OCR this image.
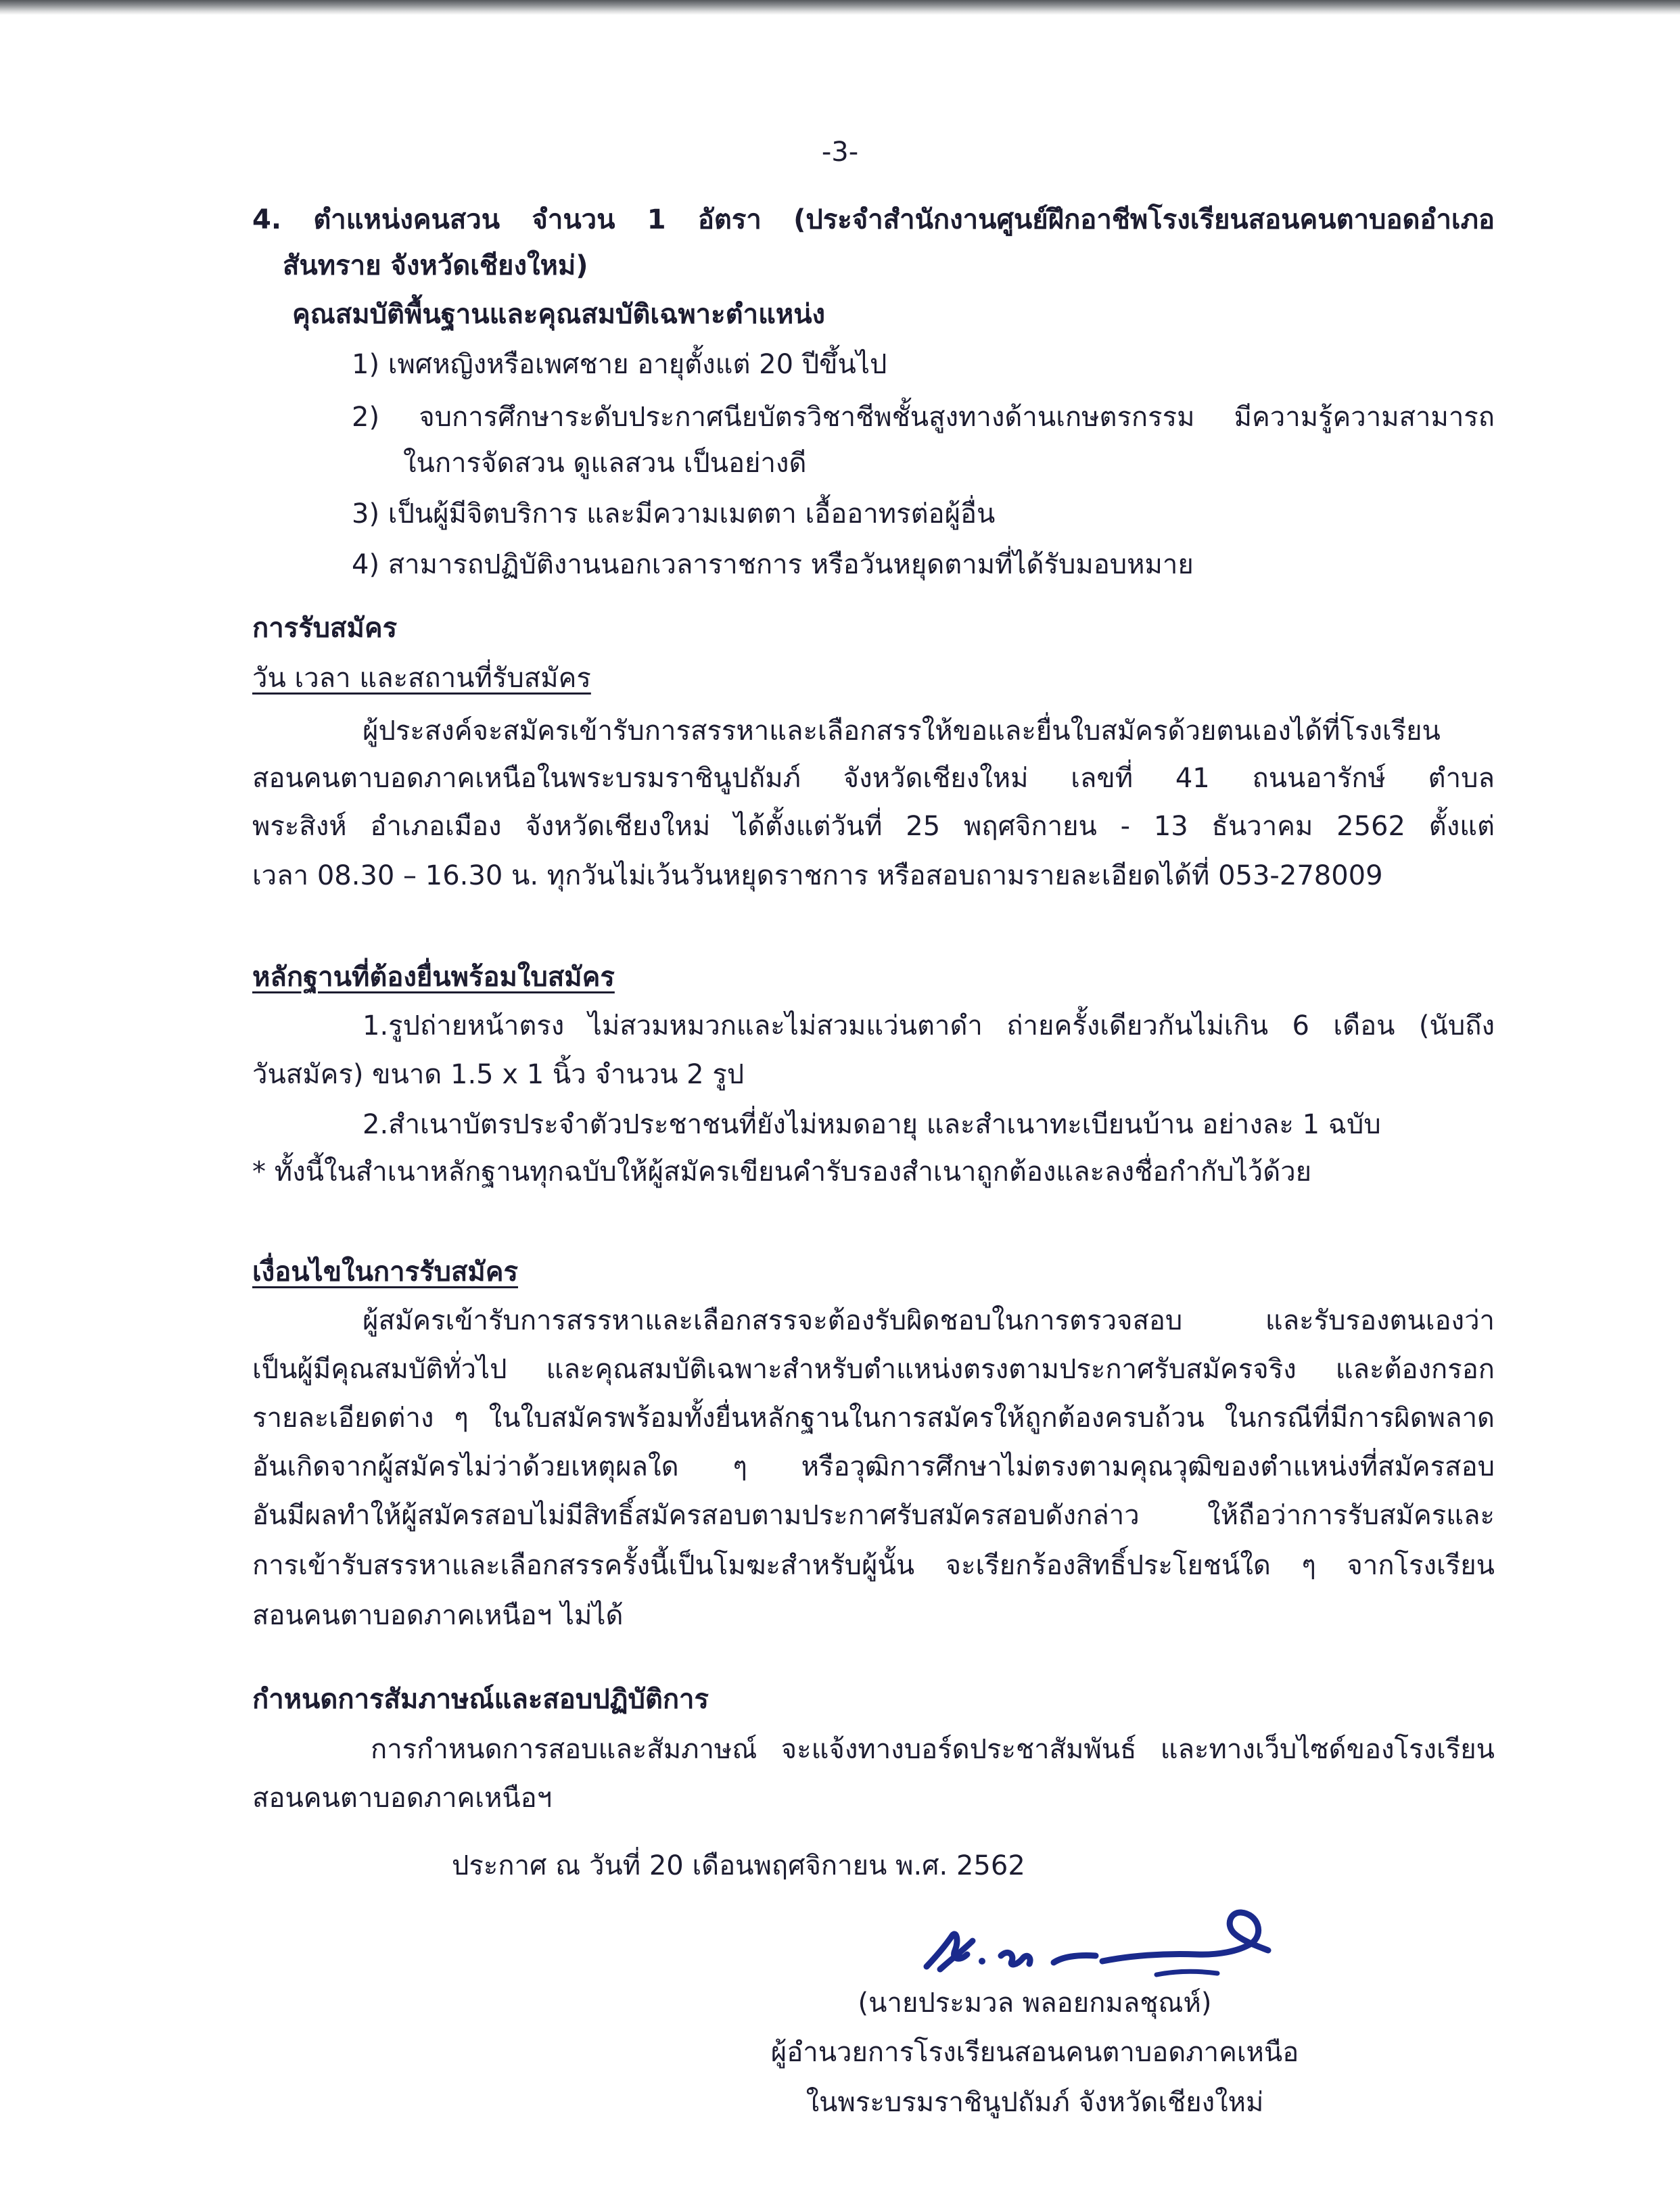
-3-
4. ตำแหน่งคนสวน จำนวน 1 อัตรา (ประจำสำนักงานศูนย์ฝึกอาชีพโรงเรียนสอนคนตาบอดอำเภอ
สันทราย จังหวัดเชียงใหม่)
คุณสมบัติพื้นฐานและคุณสมบัติเฉพาะตำแหน่ง
1) เพศหญิงหรือเพศชาย อายุตั้งแต่ 20 ปีขึ้นไป
2) จบการศึกษาระดับประกาศนียบัตรวิชาชีพชั้นสูงทางด้านเกษตรกรรม มีความรู้ความสามารถ
ในการจัดสวน ดูแลสวน เป็นอย่างดี
3) เป็นผู้มีจิตบริการ และมีความเมตตา เอื้ออาทรต่อผู้อื่น
4) สามารถปฏิบัติงานนอกเวลาราชการ หรือวันหยุดตามที่ได้รับมอบหมาย
การรับสมัคร
วัน เวลา และสถานที่รับสมัคร
ผู้ประสงค์จะสมัครเข้ารับการสรรหาและเลือกสรรให้ขอและยื่นใบสมัครด้วยตนเองได้ที่โรงเรียน
สอนคนตาบอดภาคเหนือในพระบรมราชินูปถัมภ์ จังหวัดเชียงใหม่ เลขที่ 41 ถนนอารักษ์ ตำบล
พระสิงห์ อำเภอเมือง จังหวัดเชียงใหม่ ได้ตั้งแต่วันที่ 25 พฤศจิกายน - 13 ธันวาคม 2562 ตั้งแต่
เวลา 08.30 – 16.30 น. ทุกวันไม่เว้นวันหยุดราชการ หรือสอบถามรายละเอียดได้ที่ 053-278009
หลักฐานที่ต้องยื่นพร้อมใบสมัคร
1.รูปถ่ายหน้าตรง ไม่สวมหมวกและไม่สวมแว่นตาดำ ถ่ายครั้งเดียวกันไม่เกิน 6 เดือน (นับถึง
วันสมัคร) ขนาด 1.5 x 1 นิ้ว จำนวน 2 รูป
2.สำเนาบัตรประจำตัวประชาชนที่ยังไม่หมดอายุ และสำเนาทะเบียนบ้าน อย่างละ 1 ฉบับ
* ทั้งนี้ในสำเนาหลักฐานทุกฉบับให้ผู้สมัครเขียนคำรับรองสำเนาถูกต้องและลงชื่อกำกับไว้ด้วย
เงื่อนไขในการรับสมัคร
ผู้สมัครเข้ารับการสรรหาและเลือกสรรจะต้องรับผิดชอบในการตรวจสอบ และรับรองตนเองว่า
เป็นผู้มีคุณสมบัติทั่วไป และคุณสมบัติเฉพาะสำหรับตำแหน่งตรงตามประกาศรับสมัครจริง และต้องกรอก
รายละเอียดต่าง ๆ ในใบสมัครพร้อมทั้งยื่นหลักฐานในการสมัครให้ถูกต้องครบถ้วน ในกรณีที่มีการผิดพลาด
อันเกิดจากผู้สมัครไม่ว่าด้วยเหตุผลใด ๆ หรือวุฒิการศึกษาไม่ตรงตามคุณวุฒิของตำแหน่งที่สมัครสอบ
อันมีผลทำให้ผู้สมัครสอบไม่มีสิทธิ์สมัครสอบตามประกาศรับสมัครสอบดังกล่าว ให้ถือว่าการรับสมัครและ
การเข้ารับสรรหาและเลือกสรรครั้งนี้เป็นโมฆะสำหรับผู้นั้น จะเรียกร้องสิทธิ์ประโยชน์ใด ๆ จากโรงเรียน
สอนคนตาบอดภาคเหนือฯ ไม่ได้
กำหนดการสัมภาษณ์และสอบปฏิบัติการ
การกำหนดการสอบและสัมภาษณ์ จะแจ้งทางบอร์ดประชาสัมพันธ์ และทางเว็บไซด์ของโรงเรียน
สอนคนตาบอดภาคเหนือฯ
ประกาศ ณ วันที่ 20 เดือนพฤศจิกายน พ.ศ. 2562
(นายประมวล พลอยกมลชุณห์)
ผู้อำนวยการโรงเรียนสอนคนตาบอดภาคเหนือ
ในพระบรมราชินูปถัมภ์ จังหวัดเชียงใหม่
